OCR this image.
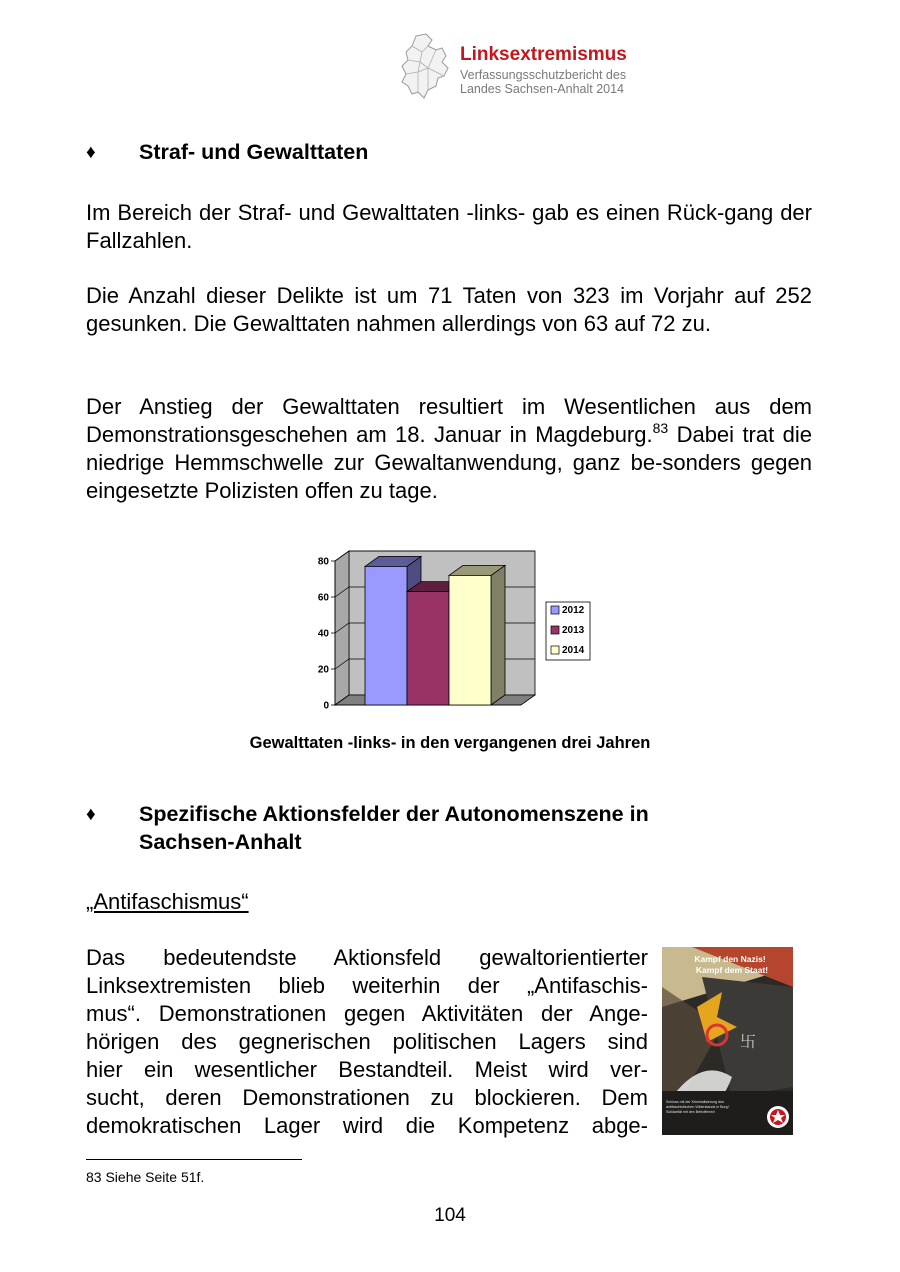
Linksextremismus
Verfassungsschutzbericht des
Landes Sachsen-Anhalt 2014
♦ Straf- und Gewalttaten

Im Bereich der Straf- und Gewalttaten -links- gab es einen Rück-gang der Fallzahlen.

Die Anzahl dieser Delikte ist um 71 Taten von 323 im Vorjahr auf 252 gesunken. Die Gewalttaten nahmen allerdings von 63 auf 72 zu.

Der Anstieg der Gewalttaten resultiert im Wesentlichen aus dem Demonstrationsgeschehen am 18. Januar in Magdeburg.$^{83}$ Dabei trat die niedrige Hemmschwelle zur Gewaltanwendung, ganz be-sonders gegen eingesetzte Polizisten offen zu tage.

0
20
40
60
80
2012
2013
2014
Gewalttaten -links- in den vergangenen drei Jahren
♦ Spezifische Aktionsfelder der Autonomenszene in
Sachsen-Anhalt
„Antifaschismus“

Das bedeutendste Aktionsfeld gewaltorientierter

Linksextremisten blieb weiterhin der „Antifaschis-

mus“. Demonstrationen gegen Aktivitäten der Ange-

hörigen des gegnerischen politischen Lagers sind

hier ein wesentlicher Bestandteil. Meist wird ver-

sucht, deren Demonstrationen zu blockieren. Dem

demokratischen Lager wird die Kompetenz abge-

卐
Kampf den Nazis!
Kampf dem Staat!
Schluss mit der Kriminalisierung des
antifaschistischen Widerstands in Burg!
Solidarität mit den Betroffenen!
83 Siehe Seite 51f.
104
